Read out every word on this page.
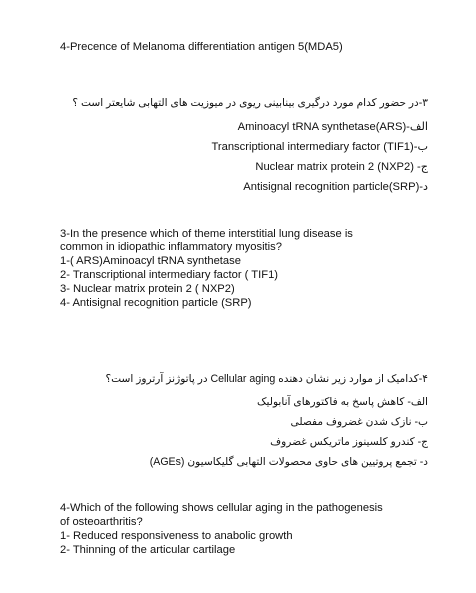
4-Precence of Melanoma differentiation antigen 5(MDA5)
۳-در حضور کدام مورد درگیری بینابینی ریوی در میوزیت های التهابی شایعتر است ؟
الف-(ARS)Aminoacyl tRNA synthetase
ب-(TIF1) Transcriptional intermediary factor
ج- (NXP2) Nuclear matrix protein 2
د-(SRP)Antisignal recognition particle
3-In the presence which of theme interstitial lung disease is
common in idiopathic inflammatory myositis?
1-( ARS)Aminoacyl tRNA synthetase
2- Transcriptional intermediary factor ( TIF1)
3- Nuclear matrix protein 2 ( NXP2)
4- Antisignal recognition particle (SRP)
۴-کدامیک از موارد زیر نشان دهنده Cellular aging در پاتوژنز آرتروز است؟
الف- کاهش پاسخ به فاکتورهای آنابولیک
ب- نازک شدن غضروف مفصلی
ج- کندرو کلسینوز ماتریکس غضروف
د- تجمع پروتیین های حاوی محصولات التهابی گلیکاسیون (AGEs)
4-Which of the following shows cellular aging in the pathogenesis
of osteoarthritis?
1- Reduced responsiveness to anabolic growth
2- Thinning of the articular cartilage
